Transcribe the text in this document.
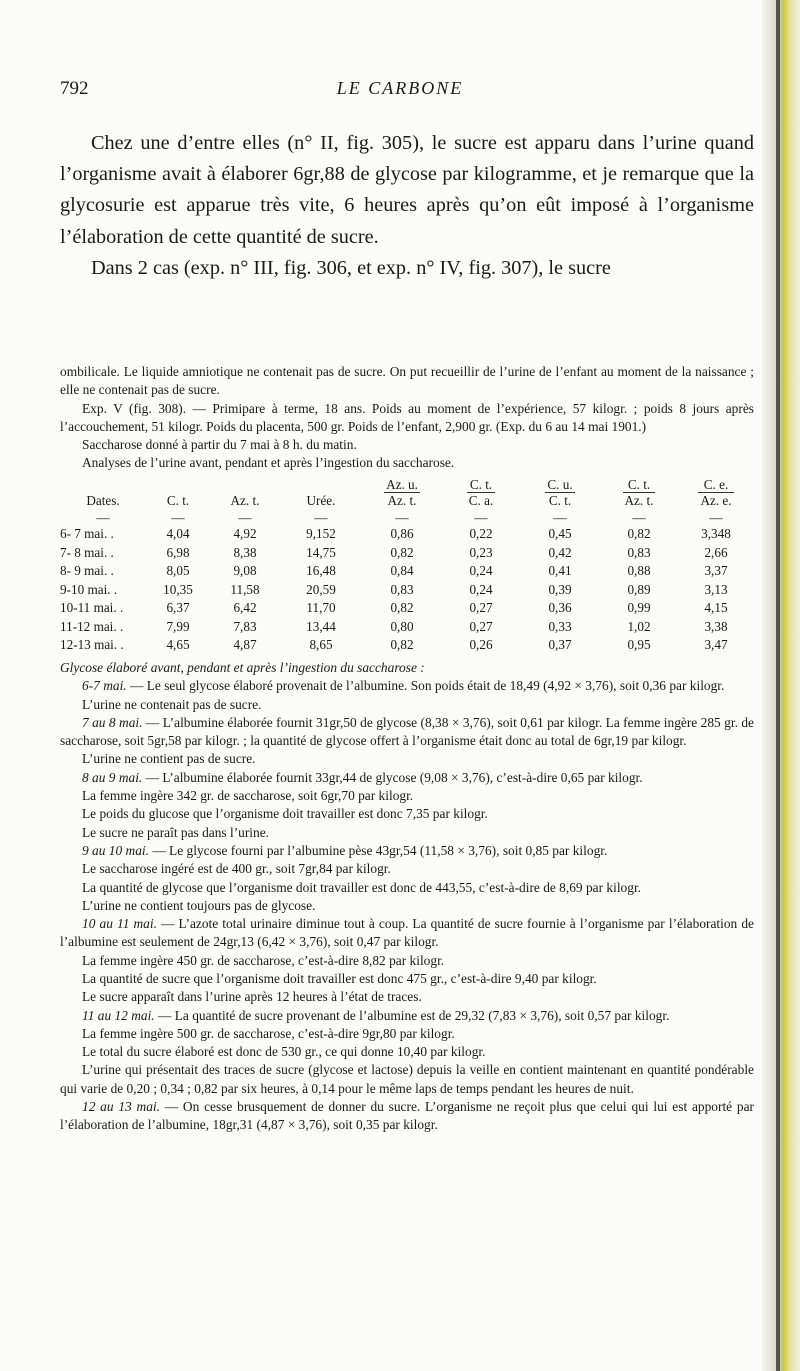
792	LE CARBONE

Chez une d’entre elles (n° II, fig. 305), le sucre est apparu dans l’urine quand l’organisme avait à élaborer 6gr,88 de glycose par kilogramme, et je remarque que la glycosurie est apparue très vite, 6 heures après qu’on eût imposé à l’organisme l’élaboration de cette quantité de sucre.

Dans 2 cas (exp. n° III, fig. 306, et exp. n° IV, fig. 307), le sucre

ombilicale. Le liquide amniotique ne contenait pas de sucre. On put recueillir de l’urine de l’enfant au moment de la naissance ; elle ne contenait pas de sucre.

Exp. V (fig. 308). — Primipare à terme, 18 ans. Poids au moment de l’expérience, 57 kilogr. ; poids 8 jours après l’accouchement, 51 kilogr. Poids du placenta, 500 gr. Poids de l’enfant, 2,900 gr. (Exp. du 6 au 14 mai 1901.)

Saccharose donné à partir du 7 mai à 8 h. du matin.

Analyses de l’urine avant, pendant et après l’ingestion du saccharose.

Dates.	C. t.	Az. t.	Urée.	$\frac{Az. u.}{Az. t.}$	$\frac{C. t.}{C. a.}$	$\frac{C. u.}{C. t.}$	$\frac{C. t.}{Az. t.}$	$\frac{C. e.}{Az. e.}$

—	—	—	—	—	—	—	—	—
6- 7 mai. .	4,04	4,92	9,152	0,86	0,22	0,45	0,82	3,348
7- 8 mai. .	6,98	8,38	14,75	0,82	0,23	0,42	0,83	2,66
8- 9 mai. .	8,05	9,08	16,48	0,84	0,24	0,41	0,88	3,37
9-10 mai. .	10,35	11,58	20,59	0,83	0,24	0,39	0,89	3,13
10-11 mai. .	6,37	6,42	11,70	0,82	0,27	0,36	0,99	4,15
11-12 mai. .	7,99	7,83	13,44	0,80	0,27	0,33	1,02	3,38
12-13 mai. .	4,65	4,87	8,65	0,82	0,26	0,37	0,95	3,47

Glycose élaboré avant, pendant et après l’ingestion du saccharose :

6-7 mai. — Le seul glycose élaboré provenait de l’albumine. Son poids était de 18,49 (4,92 × 3,76), soit 0,36 par kilogr.

L’urine ne contenait pas de sucre.

7 au 8 mai. — L’albumine élaborée fournit 31gr,50 de glycose (8,38 × 3,76), soit 0,61 par kilogr. La femme ingère 285 gr. de saccharose, soit 5gr,58 par kilogr. ; la quantité de glycose offert à l’organisme était donc au total de 6gr,19 par kilogr.

L’urine ne contient pas de sucre.

8 au 9 mai. — L’albumine élaborée fournit 33gr,44 de glycose (9,08 × 3,76), c’est-à-dire 0,65 par kilogr.

La femme ingère 342 gr. de saccharose, soit 6gr,70 par kilogr.

Le poids du glucose que l’organisme doit travailler est donc 7,35 par kilogr.

Le sucre ne paraît pas dans l’urine.

9 au 10 mai. — Le glycose fourni par l’albumine pèse 43gr,54 (11,58 × 3,76), soit 0,85 par kilogr.

Le saccharose ingéré est de 400 gr., soit 7gr,84 par kilogr.

La quantité de glycose que l’organisme doit travailler est donc de 443,55, c’est-à-dire de 8,69 par kilogr.

L’urine ne contient toujours pas de glycose.

10 au 11 mai. — L’azote total urinaire diminue tout à coup. La quantité de sucre fournie à l’organisme par l’élaboration de l’albumine est seulement de 24gr,13 (6,42 × 3,76), soit 0,47 par kilogr.

La femme ingère 450 gr. de saccharose, c’est-à-dire 8,82 par kilogr.

La quantité de sucre que l’organisme doit travailler est donc 475 gr., c’est-à-dire 9,40 par kilogr.

Le sucre apparaît dans l’urine après 12 heures à l’état de traces.

11 au 12 mai. — La quantité de sucre provenant de l’albumine est de 29,32 (7,83 × 3,76), soit 0,57 par kilogr.

La femme ingère 500 gr. de saccharose, c’est-à-dire 9gr,80 par kilogr.

Le total du sucre élaboré est donc de 530 gr., ce qui donne 10,40 par kilogr.

L’urine qui présentait des traces de sucre (glycose et lactose) depuis la veille en contient maintenant en quantité pondérable qui varie de 0,20 ; 0,34 ; 0,82 par six heures, à 0,14 pour le même laps de temps pendant les heures de nuit.

12 au 13 mai. — On cesse brusquement de donner du sucre. L’organisme ne reçoit plus que celui qui lui est apporté par l’élaboration de l’albumine, 18gr,31 (4,87 × 3,76), soit 0,35 par kilogr.
